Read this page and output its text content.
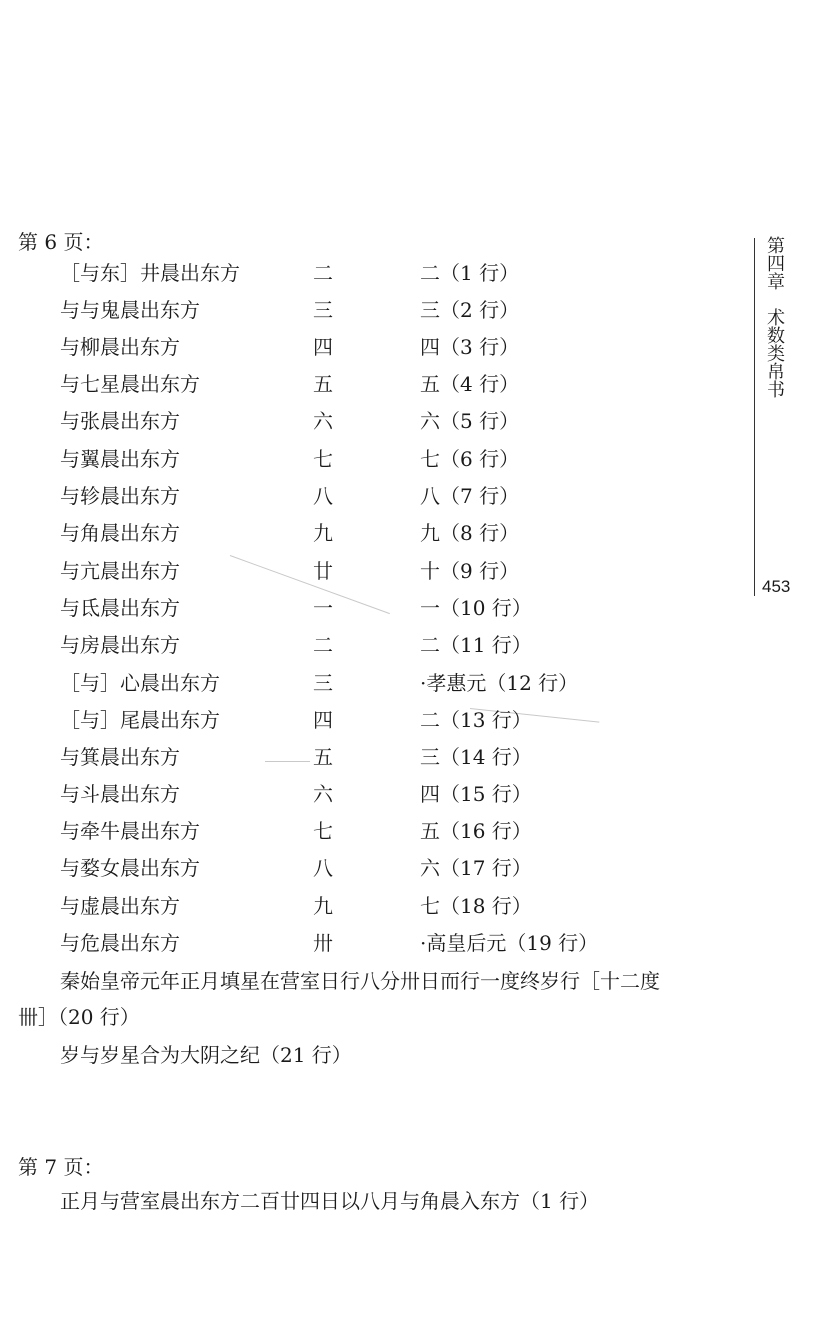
第四章　术数类帛书
453
第 6 页：
［与东］井晨出东方	二	二（1 行）
与与鬼晨出东方	三	三（2 行）
与柳晨出东方	四	四（3 行）
与七星晨出东方	五	五（4 行）
与张晨出东方	六	六（5 行）
与翼晨出东方	七	七（6 行）
与轸晨出东方	八	八（7 行）
与角晨出东方	九	九（8 行）
与亢晨出东方	廿	十（9 行）
与氐晨出东方	一	一（10 行）
与房晨出东方	二	二（11 行）
［与］心晨出东方	三	·孝惠元（12 行）
［与］尾晨出东方	四	二（13 行）
与箕晨出东方	五	三（14 行）
与斗晨出东方	六	四（15 行）
与牵牛晨出东方	七	五（16 行）
与婺女晨出东方	八	六（17 行）
与虚晨出东方	九	七（18 行）
与危晨出东方	卅	·高皇后元（19 行）
秦始皇帝元年正月填星在营室日行八分卅日而行一度终岁行［十二度
卌］（20 行）
岁与岁星合为大阴之纪（21 行）
第 7 页：
正月与营室晨出东方二百廿四日以八月与角晨入东方（1 行）
